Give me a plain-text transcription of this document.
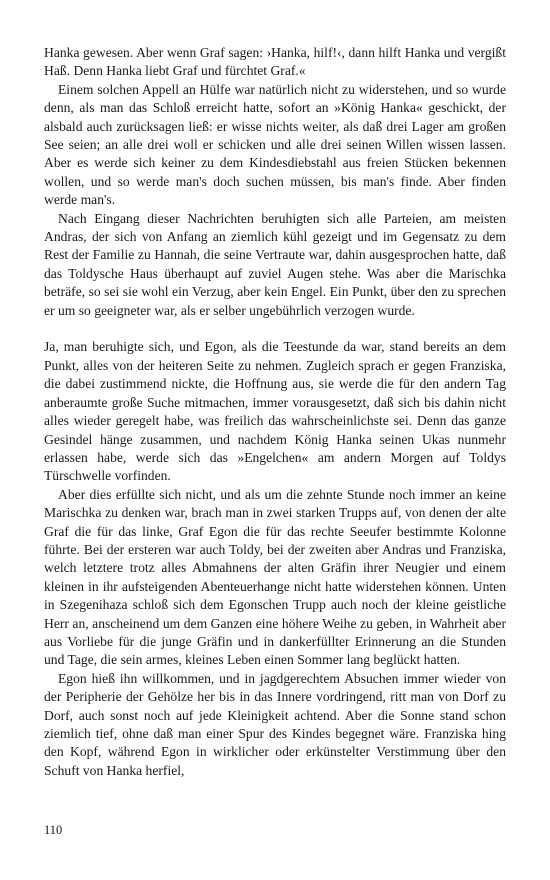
Hanka gewesen. Aber wenn Graf sagen: ›Hanka, hilf!‹, dann hilft Hanka und vergißt Haß. Denn Hanka liebt Graf und fürchtet Graf.«

Einem solchen Appell an Hülfe war natürlich nicht zu widerstehen, und so wurde denn, als man das Schloß erreicht hatte, sofort an »König Hanka« geschickt, der alsbald auch zurücksagen ließ: er wisse nichts weiter, als daß drei Lager am großen See seien; an alle drei woll er schicken und alle drei seinen Willen wissen lassen. Aber es werde sich keiner zu dem Kindesdiebstahl aus freien Stücken bekennen wollen, und so werde man's doch suchen müssen, bis man's finde. Aber finden werde man's.

Nach Eingang dieser Nachrichten beruhigten sich alle Parteien, am meisten Andras, der sich von Anfang an ziemlich kühl gezeigt und im Gegensatz zu dem Rest der Familie zu Hannah, die seine Vertraute war, dahin ausgesprochen hatte, daß das Toldysche Haus überhaupt auf zuviel Augen stehe. Was aber die Marischka beträfe, so sei sie wohl ein Verzug, aber kein Engel. Ein Punkt, über den zu sprechen er um so geeigneter war, als er selber ungebührlich verzogen wurde.

Ja, man beruhigte sich, und Egon, als die Teestunde da war, stand bereits an dem Punkt, alles von der heiteren Seite zu nehmen. Zugleich sprach er gegen Franziska, die dabei zustimmend nickte, die Hoffnung aus, sie werde die für den andern Tag anberaumte große Suche mitmachen, immer vorausgesetzt, daß sich bis dahin nicht alles wieder geregelt habe, was freilich das wahrscheinlichste sei. Denn das ganze Gesindel hänge zusammen, und nachdem König Hanka seinen Ukas nunmehr erlassen habe, werde sich das »Engelchen« am andern Morgen auf Toldys Türschwelle vorfinden.

Aber dies erfüllte sich nicht, und als um die zehnte Stunde noch immer an keine Marischka zu denken war, brach man in zwei starken Trupps auf, von denen der alte Graf die für das linke, Graf Egon die für das rechte Seeufer bestimmte Kolonne führte. Bei der ersteren war auch Toldy, bei der zweiten aber Andras und Franziska, welch letztere trotz alles Abmahnens der alten Gräfin ihrer Neugier und einem kleinen in ihr aufsteigenden Abenteuerhange nicht hatte widerstehen können. Unten in Szegenihaza schloß sich dem Egonschen Trupp auch noch der kleine geistliche Herr an, anscheinend um dem Ganzen eine höhere Weihe zu geben, in Wahrheit aber aus Vorliebe für die junge Gräfin und in dankerfüllter Erinnerung an die Stunden und Tage, die sein armes, kleines Leben einen Sommer lang beglückt hatten.

Egon hieß ihn willkommen, und in jagdgerechtem Absuchen immer wieder von der Peripherie der Gehölze her bis in das Innere vordringend, ritt man von Dorf zu Dorf, auch sonst noch auf jede Kleinigkeit achtend. Aber die Sonne stand schon ziemlich tief, ohne daß man einer Spur des Kindes begegnet wäre. Franziska hing den Kopf, während Egon in wirklicher oder erkünstelter Verstimmung über den Schuft von Hanka herfiel,

110
